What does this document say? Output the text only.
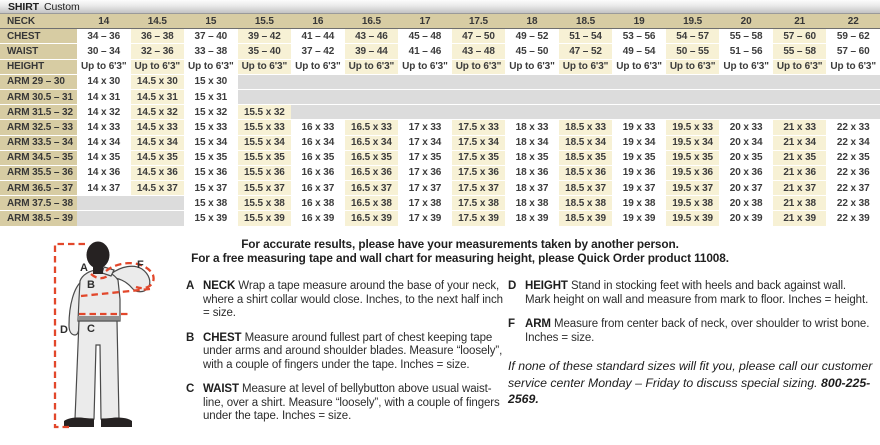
SHIRT Custom
NECK	14	14.5	15	15.5	16	16.5	17	17.5	18	18.5	19	19.5	20	21	22
CHEST	34 – 36	36 – 38	37 – 40	39 – 42	41 – 44	43 – 46	45 – 48	47 – 50	49 – 52	51 – 54	53 – 56	54 – 57	55 – 58	57 – 60	59 – 62
WAIST	30 – 34	32 – 36	33 – 38	35 – 40	37 – 42	39 – 44	41 – 46	43 – 48	45 – 50	47 – 52	49 – 54	50 – 55	51 – 56	55 – 58	57 – 60
HEIGHT	Up to 6'3"	Up to 6'3"	Up to 6'3"	Up to 6'3"	Up to 6'3"	Up to 6'3"	Up to 6'3"	Up to 6'3"	Up to 6'3"	Up to 6'3"	Up to 6'3"	Up to 6'3"	Up to 6'3"	Up to 6'3"	Up to 6'3"
ARM 29 – 30	14 x 30	14.5 x 30	15 x 30												
ARM 30.5 – 31	14 x 31	14.5 x 31	15 x 31												
ARM 31.5 – 32	14 x 32	14.5 x 32	15 x 32	15.5 x 32											
ARM 32.5 – 33	14 x 33	14.5 x 33	15 x 33	15.5 x 33	16 x 33	16.5 x 33	17 x 33	17.5 x 33	18 x 33	18.5 x 33	19 x 33	19.5 x 33	20 x 33	21 x 33	22 x 33
ARM 33.5 – 34	14 x 34	14.5 x 34	15 x 34	15.5 x 34	16 x 34	16.5 x 34	17 x 34	17.5 x 34	18 x 34	18.5 x 34	19 x 34	19.5 x 34	20 x 34	21 x 34	22 x 34
ARM 34.5 – 35	14 x 35	14.5 x 35	15 x 35	15.5 x 35	16 x 35	16.5 x 35	17 x 35	17.5 x 35	18 x 35	18.5 x 35	19 x 35	19.5 x 35	20 x 35	21 x 35	22 x 35
ARM 35.5 – 36	14 x 36	14.5 x 36	15 x 36	15.5 x 36	16 x 36	16.5 x 36	17 x 36	17.5 x 36	18 x 36	18.5 x 36	19 x 36	19.5 x 36	20 x 36	21 x 36	22 x 36
ARM 36.5 – 37	14 x 37	14.5 x 37	15 x 37	15.5 x 37	16 x 37	16.5 x 37	17 x 37	17.5 x 37	18 x 37	18.5 x 37	19 x 37	19.5 x 37	20 x 37	21 x 37	22 x 37
ARM 37.5 – 38			15 x 38	15.5 x 38	16 x 38	16.5 x 38	17 x 38	17.5 x 38	18 x 38	18.5 x 38	19 x 38	19.5 x 38	20 x 38	21 x 38	22 x 38
ARM 38.5 – 39			15 x 39	15.5 x 39	16 x 39	16.5 x 39	17 x 39	17.5 x 39	18 x 39	18.5 x 39	19 x 39	19.5 x 39	20 x 39	21 x 39	22 x 39
A
B
C
D
F
For accurate results, please have your measurements taken by another person.
For a free measuring tape and wall chart for measuring height, please Quick Order product 11008.
A NECK Wrap a tape measure around the base of your neck, where a shirt collar would close. Inches, to the next half inch = size.
B CHEST Measure around fullest part of chest keeping tape under arms and around shoulder blades. Measure “loosely”, with a couple of fingers under the tape. Inches = size.
C WAIST Measure at level of bellybutton above usual waist-line, over a shirt. Measure “loosely”, with a couple of fingers under the tape. Inches = size.
D HEIGHT Stand in stocking feet with heels and back against wall. Mark height on wall and measure from mark to floor. Inches = height.
F ARM Measure from center back of neck, over shoulder to wrist bone. Inches = size.
If none of these standard sizes will fit you, please call our customer service center Monday – Friday to discuss special sizing. 800-225-2569.
